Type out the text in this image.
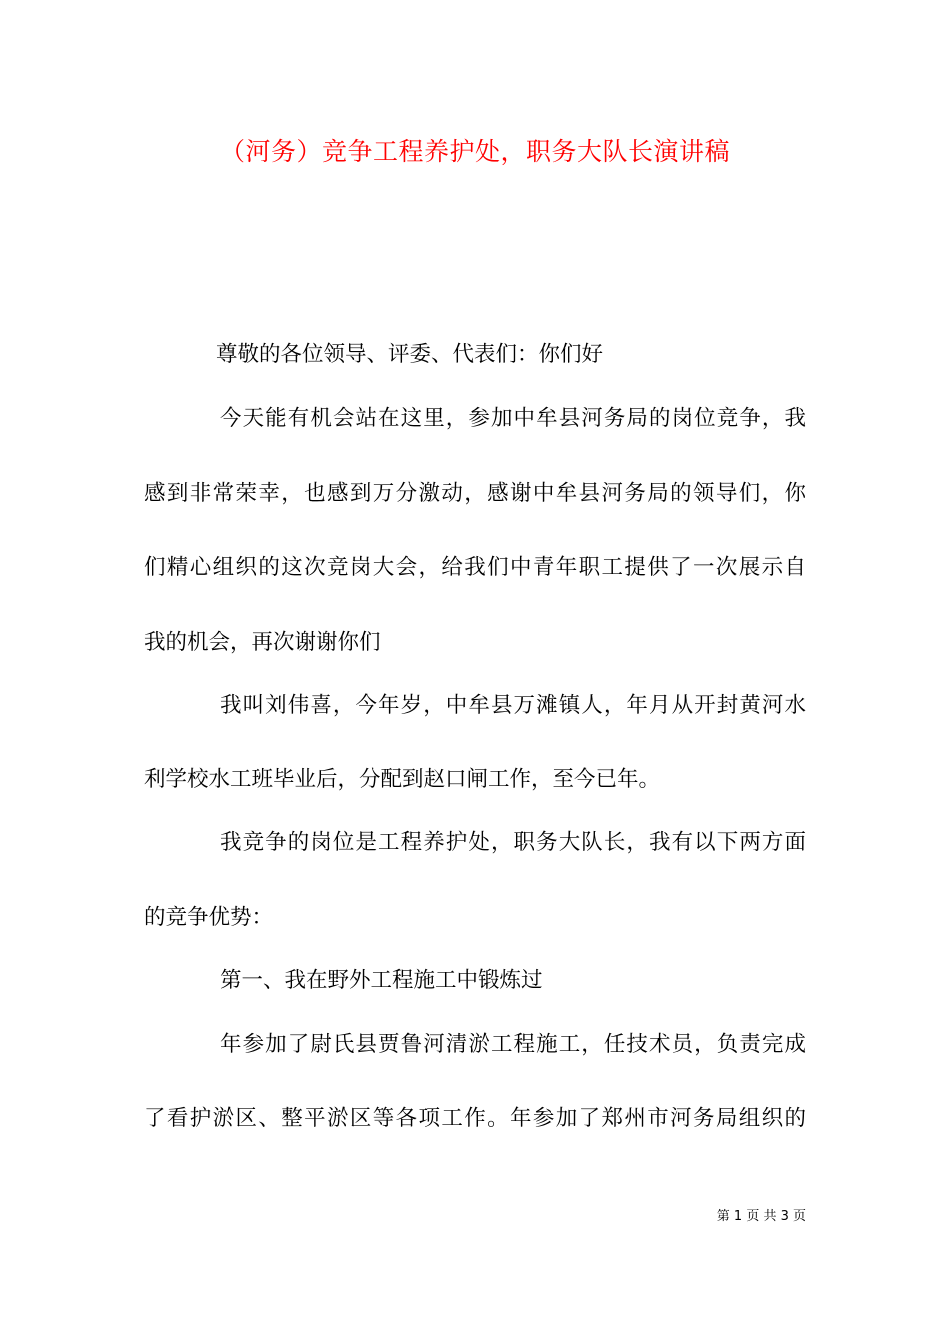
（河务）竞争工程养护处，职务大队长演讲稿
尊敬的各位领导、评委、代表们：你们好
今天能有机会站在这里，参加中牟县河务局的岗位竞争，我
感到非常荣幸，也感到万分激动，感谢中牟县河务局的领导们，你
们精心组织的这次竞岗大会，给我们中青年职工提供了一次展示自
我的机会，再次谢谢你们
我叫刘伟喜，今年岁，中牟县万滩镇人，年月从开封黄河水
利学校水工班毕业后，分配到赵口闸工作，至今已年。
我竞争的岗位是工程养护处，职务大队长，我有以下两方面
的竞争优势：
第一、我在野外工程施工中锻炼过
年参加了尉氏县贾鲁河清淤工程施工，任技术员，负责完成
了看护淤区、整平淤区等各项工作。年参加了郑州市河务局组织的
第 1 页 共 3 页
